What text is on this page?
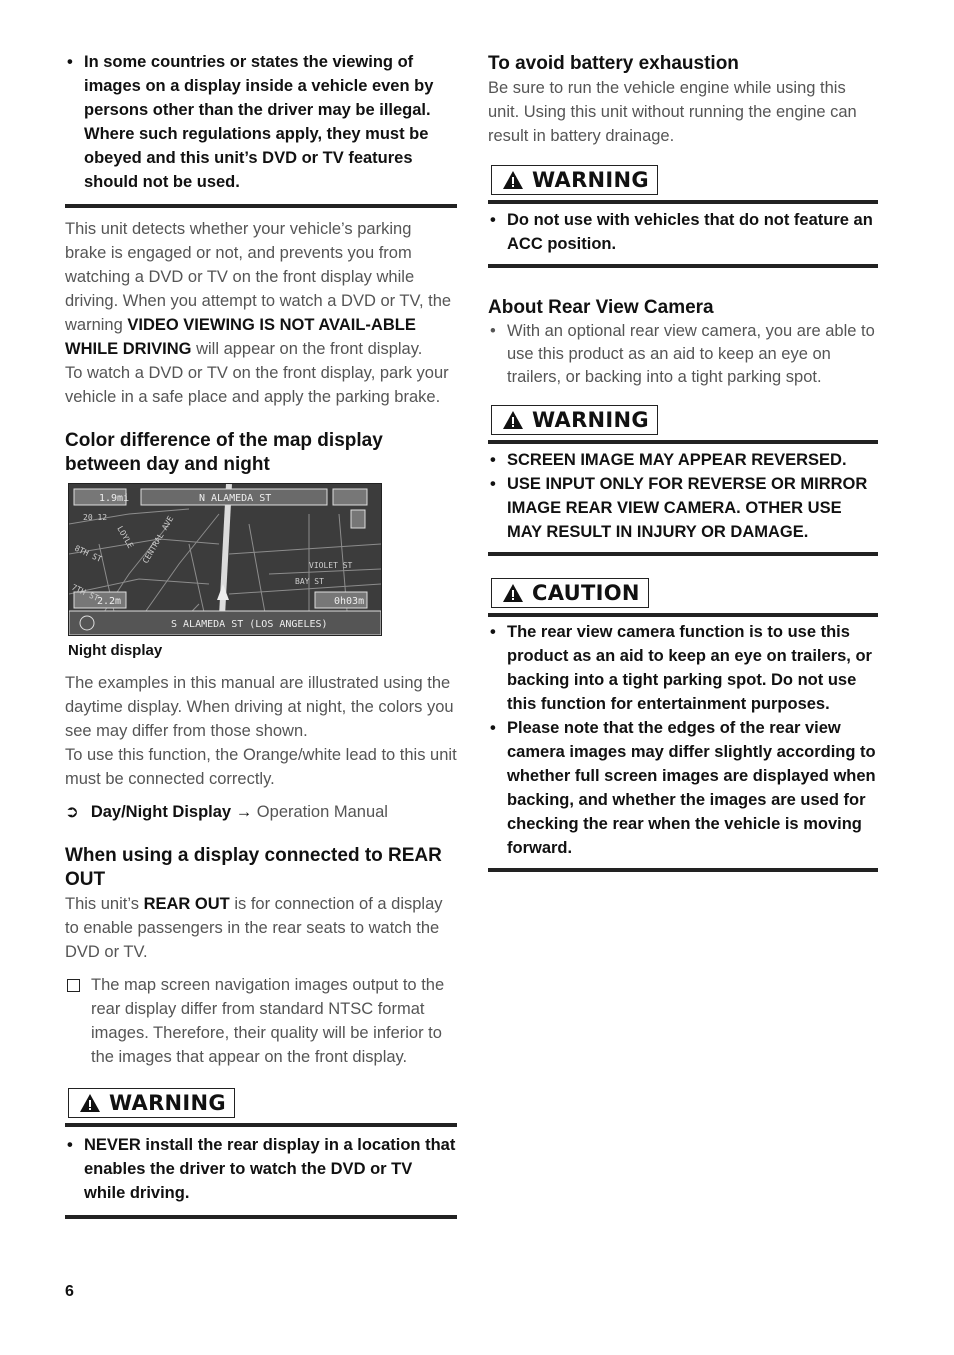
• In some countries or states the viewing of images on a display inside a vehicle even by persons other than the driver may be illegal. Where such regulations apply, they must be obeyed and this unit’s DVD or TV features should not be used.

This unit detects whether your vehicle’s parking brake is engaged or not, and prevents you from watching a DVD or TV on the front display while driving. When you attempt to watch a DVD or TV, the warning VIDEO VIEWING IS NOT AVAIL-ABLE WHILE DRIVING will appear on the front display.

To watch a DVD or TV on the front display, park your vehicle in a safe place and apply the parking brake.

Color difference of the map display between day and night
1.9mi	N ALAMEDA ST
2.2m	0h03m
S ALAMEDA ST (LOS ANGELES)
20 12
LOYLE
8TH ST	CENTRAL AVE
VIOLET ST
BAY ST
7TH ST
Night display

The examples in this manual are illustrated using the daytime display. When driving at night, the colors you see may differ from those shown.

To use this function, the Orange/white lead to this unit must be connected correctly.

➲ Day/Night Display → Operation Manual

When using a display connected to REAR OUT

This unit’s REAR OUT is for connection of a display to enable passengers in the rear seats to watch the DVD or TV.

The map screen navigation images output to the rear display differ from standard NTSC format images. Therefore, their quality will be inferior to the images that appear on the front display.

WARNING

• NEVER install the rear display in a location that enables the driver to watch the DVD or TV while driving.

6
To avoid battery exhaustion

Be sure to run the vehicle engine while using this unit. Using this unit without running the engine can result in battery drainage.

WARNING

• Do not use with vehicles that do not feature an ACC position.

About Rear View Camera

• With an optional rear view camera, you are able to use this product as an aid to keep an eye on trailers, or backing into a tight parking spot.

WARNING

• SCREEN IMAGE MAY APPEAR REVERSED.

• USE INPUT ONLY FOR REVERSE OR MIRROR IMAGE REAR VIEW CAMERA. OTHER USE MAY RESULT IN INJURY OR DAMAGE.

CAUTION

• The rear view camera function is to use this product as an aid to keep an eye on trailers, or backing into a tight parking spot. Do not use this function for entertainment purposes.

• Please note that the edges of the rear view camera images may differ slightly according to whether full screen images are displayed when backing, and whether the images are used for checking the rear when the vehicle is moving forward.
